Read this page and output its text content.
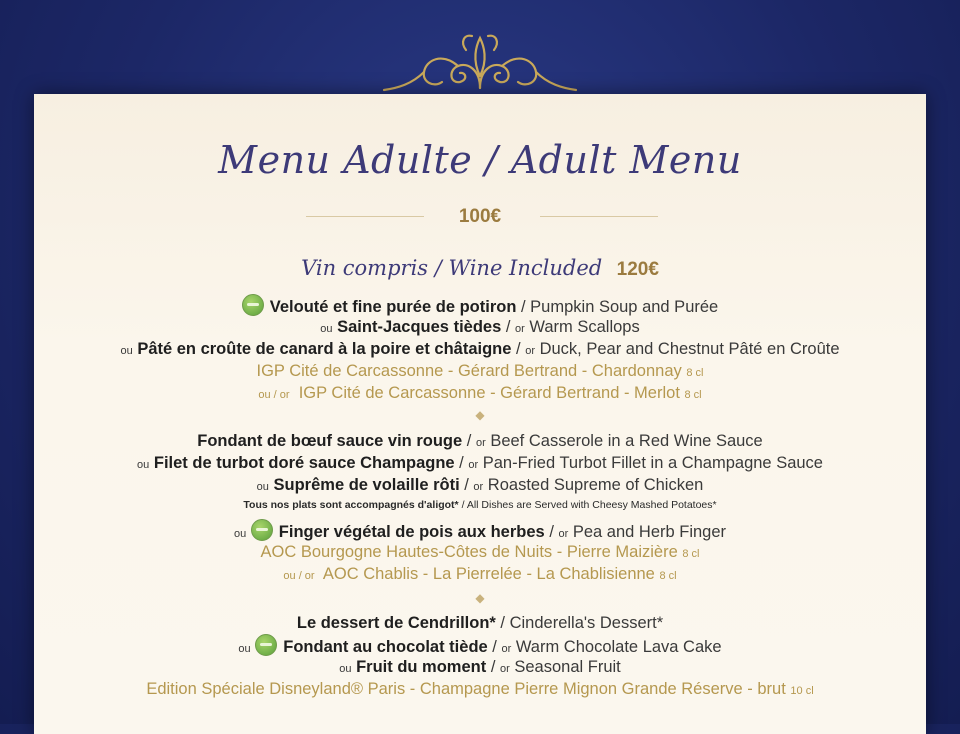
Menu Adulte / Adult Menu
100€
Vin compris / Wine Included 120€
Velouté et fine purée de potiron / Pumpkin Soup and Purée
ou Saint-Jacques tièdes / or Warm Scallops
ou Pâté en croûte de canard à la poire et châtaigne / or Duck, Pear and Chestnut Pâté en Croûte
IGP Cité de Carcassonne - Gérard Bertrand - Chardonnay 8 cl
ou / or IGP Cité de Carcassonne - Gérard Bertrand - Merlot 8 cl
◆
Fondant de bœuf sauce vin rouge / or Beef Casserole in a Red Wine Sauce
ou Filet de turbot doré sauce Champagne / or Pan-Fried Turbot Fillet in a Champagne Sauce
ou Suprême de volaille rôti / or Roasted Supreme of Chicken
Tous nos plats sont accompagnés d'aligot* / All Dishes are Served with Cheesy Mashed Potatoes*
ou Finger végétal de pois aux herbes / or Pea and Herb Finger
AOC Bourgogne Hautes-Côtes de Nuits - Pierre Maizière 8 cl
ou / or AOC Chablis - La Pierrelée - La Chablisienne 8 cl
◆
Le dessert de Cendrillon* / Cinderella's Dessert*
ou Fondant au chocolat tiède / or Warm Chocolate Lava Cake
ou Fruit du moment / or Seasonal Fruit
Edition Spéciale Disneyland® Paris - Champagne Pierre Mignon Grande Réserve - brut 10 cl
